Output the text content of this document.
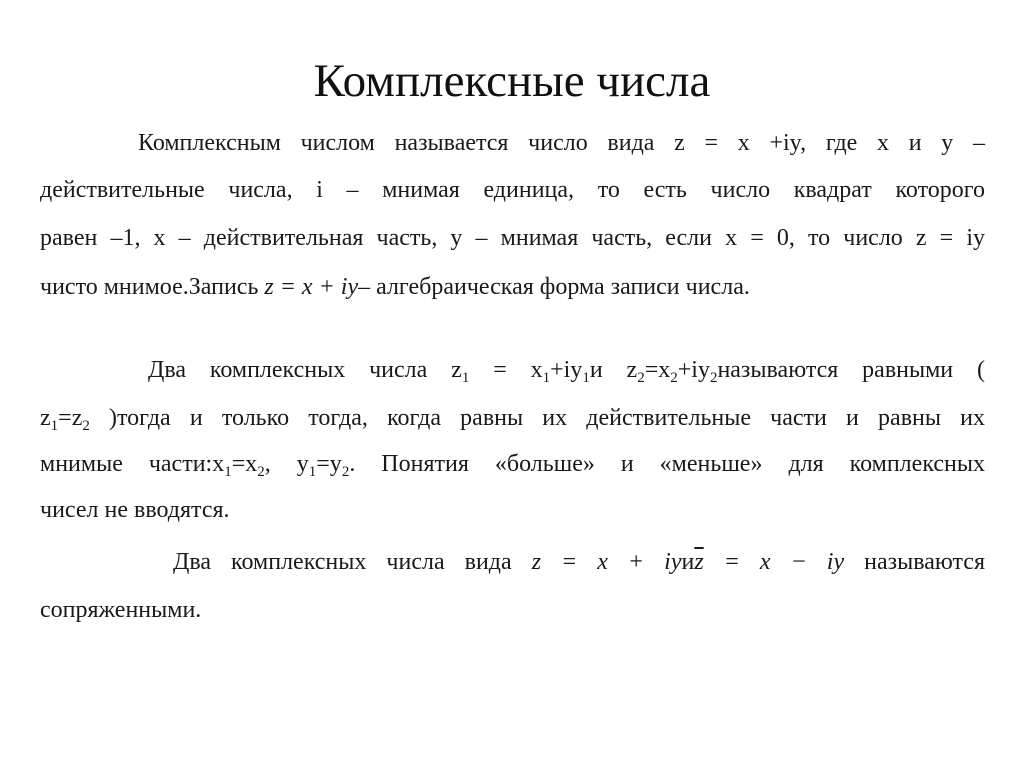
Комплексные числа
Комплексным числом называется число вида z = x +iy, где x и y –
действительные числа, i – мнимая единица, то есть число квадрат которого
равен –1, x – действительная часть, y – мнимая часть, если x = 0, то число z = iy
чисто мнимое.Запись z = x + iy– алгебраическая форма записи числа.
Два комплексных числа $z_1 = x_1+iy_1и$ $z_2=x_2+iy_2называются$ равными (
$z_1=z_2$ )тогда и только тогда, когда равны их действительные части и равны их
мнимые $части:x_1=x_2$, $y_1=y_2$. Понятия «больше» и «меньше» для комплексных
чисел не вводятся.
Два комплексных числа вида $z = x + iyи\overline{z} = x$ − iy называются
сопряженными.
